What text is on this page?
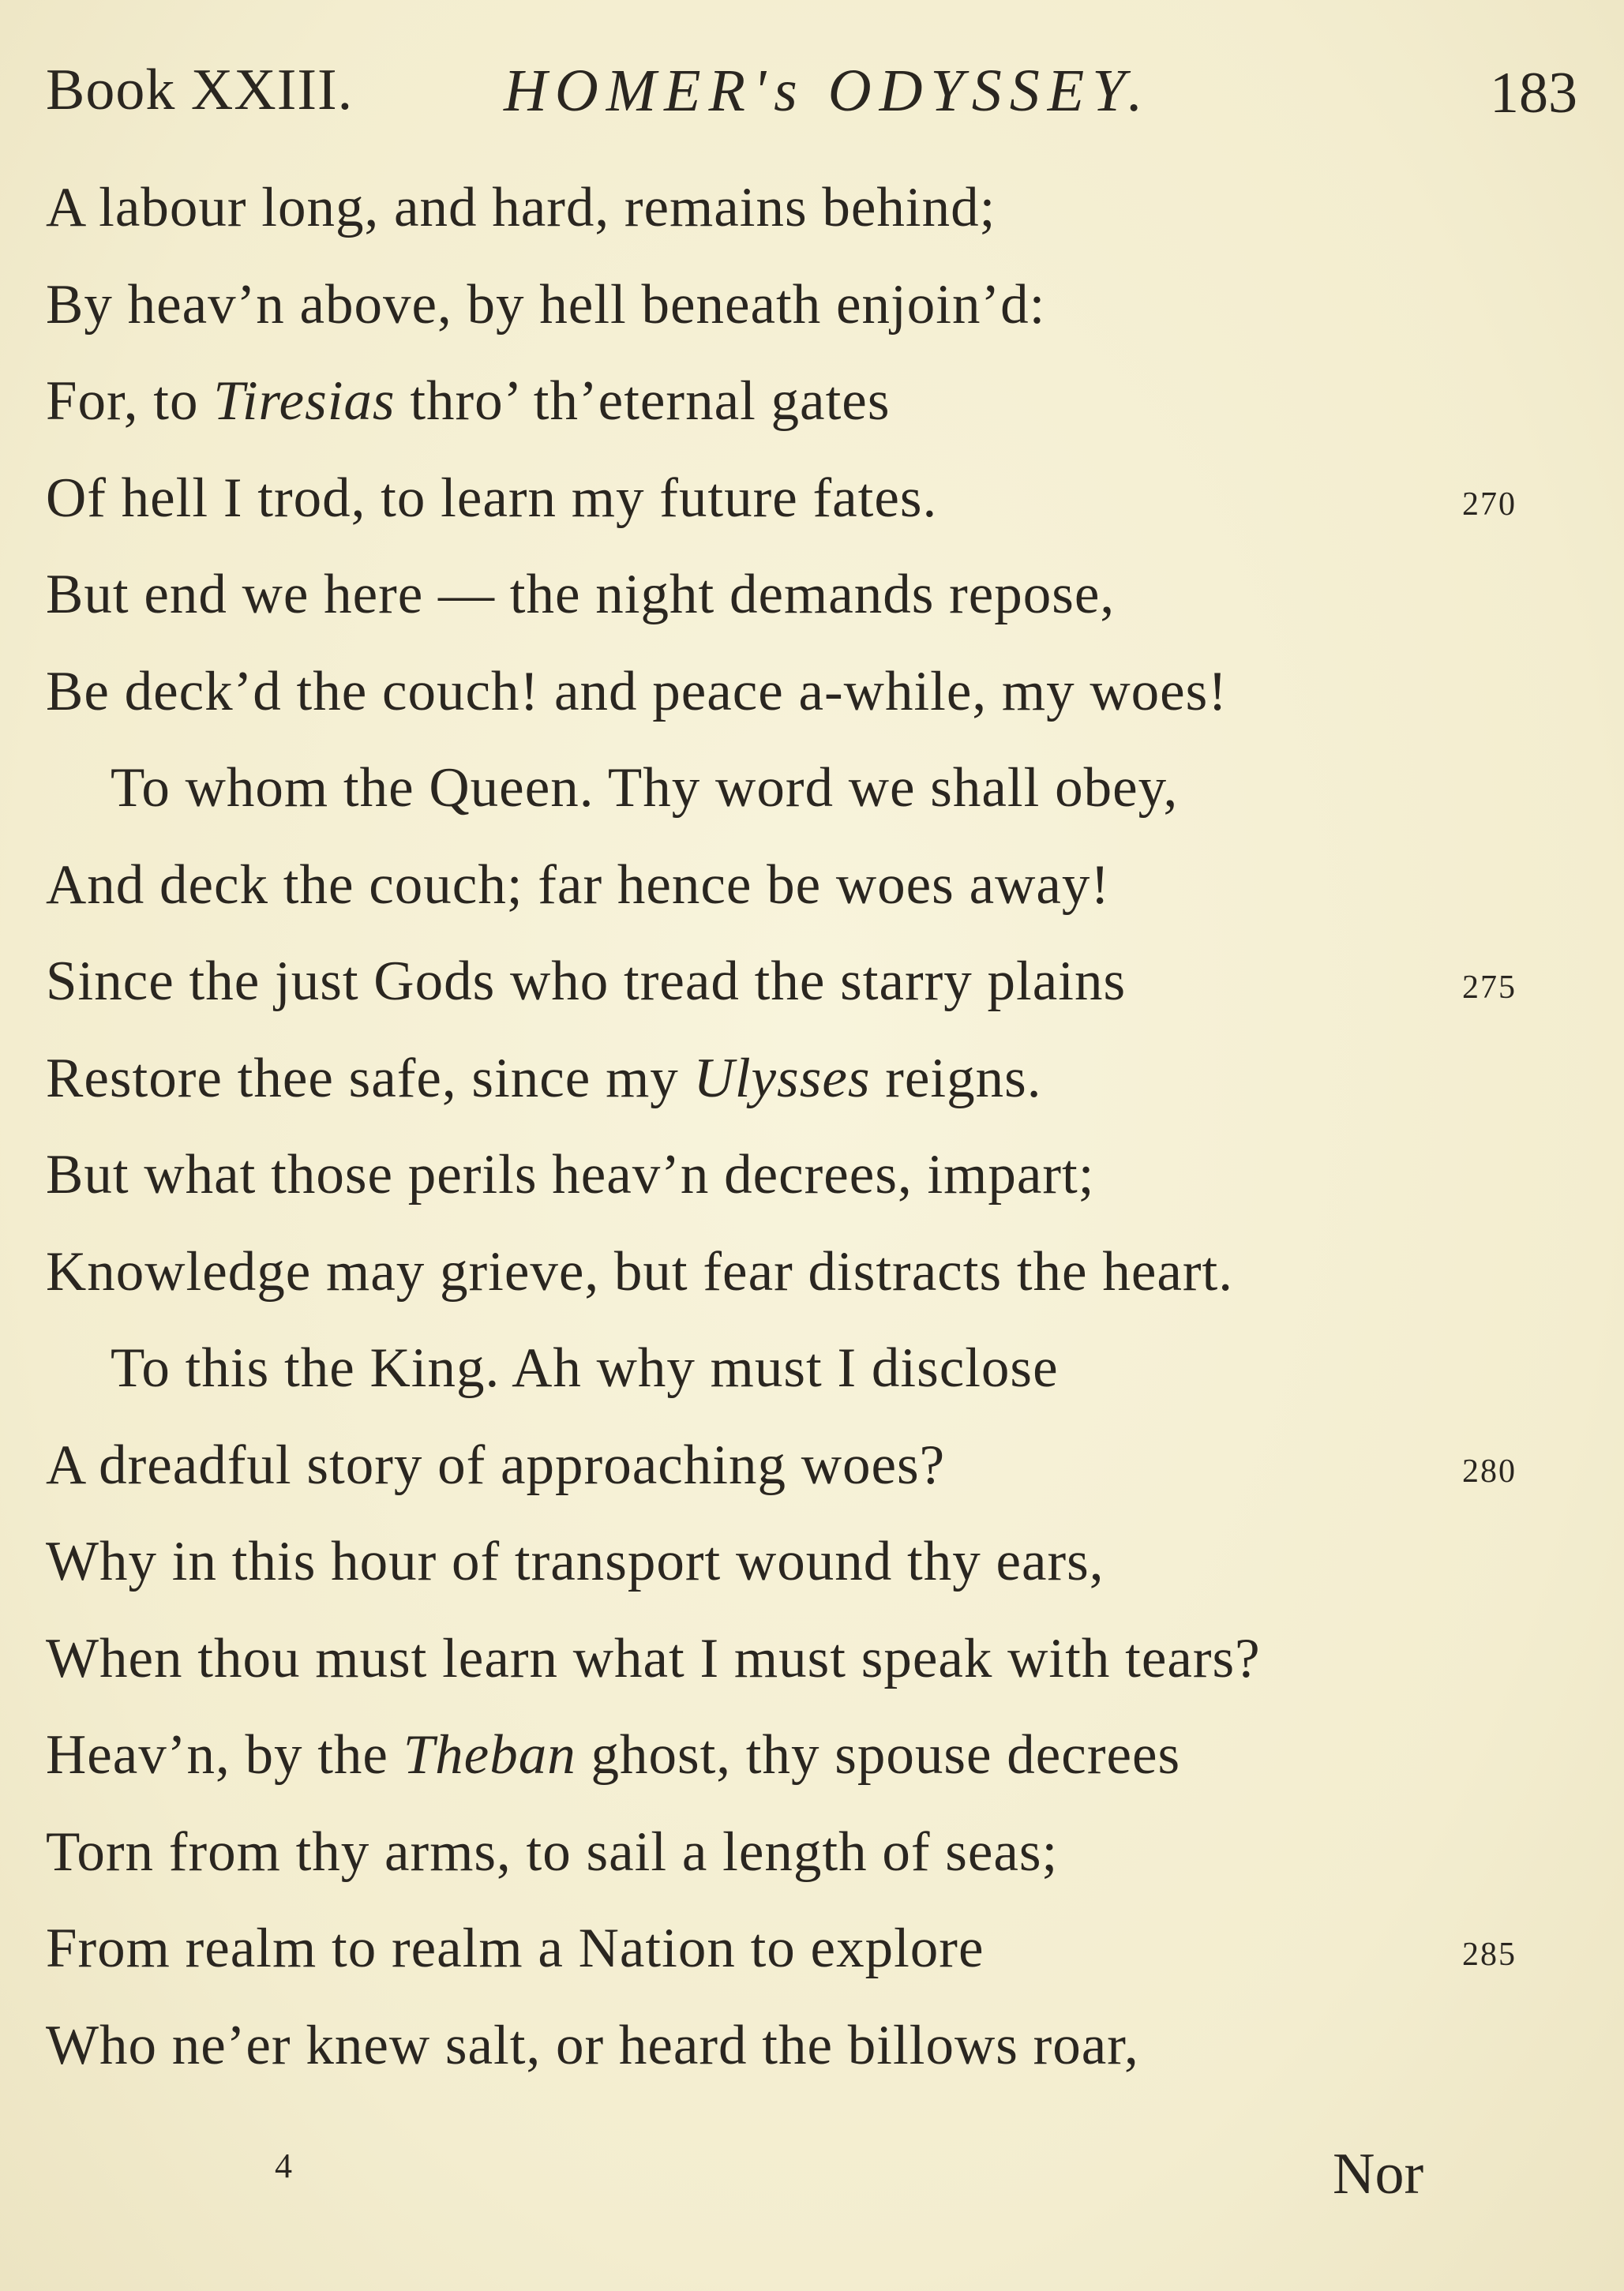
Book XXIII.	HOMER's ODYSSEY.	183
A labour long, and hard, remains behind;
By heav’n above, by hell beneath enjoin’d:
For, to Tiresias thro’ th’eternal gates
Of hell I trod, to learn my future fates.	270
But end we here — the night demands repose,
Be deck’d the couch! and peace a-while, my woes!
To whom the Queen. Thy word we shall obey,
And deck the couch; far hence be woes away!
Since the just Gods who tread the starry plains	275
Restore thee safe, since my Ulysses reigns.
But what those perils heav’n decrees, impart;
Knowledge may grieve, but fear distracts the heart.
To this the King. Ah why must I disclose
A dreadful story of approaching woes?	280
Why in this hour of transport wound thy ears,
When thou must learn what I must speak with tears?
Heav’n, by the Theban ghost, thy spouse decrees
Torn from thy arms, to sail a length of seas;
From realm to realm a Nation to explore	285
Who ne’er knew salt, or heard the billows roar,
4	Nor
